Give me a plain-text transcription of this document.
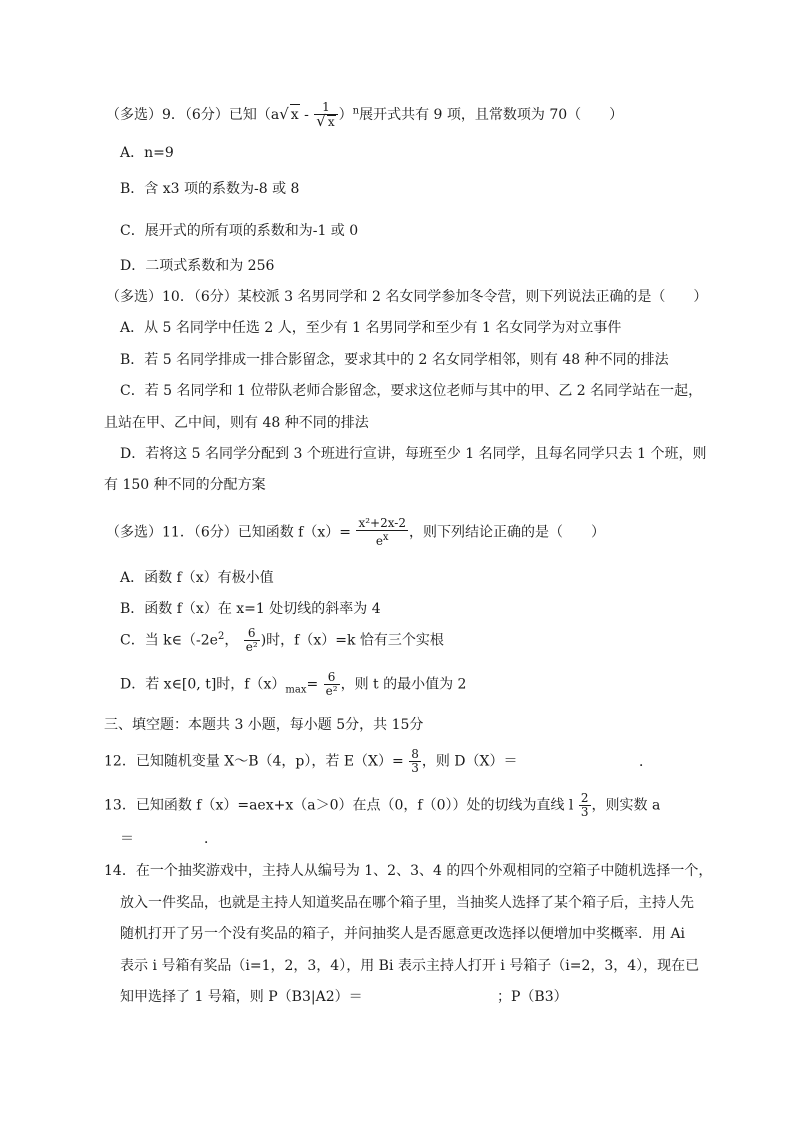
（多选）9．（6分）已知（a√ x - $\frac{1}{√ x} )^n$展开式共有 9 项，且常数项为 70（　　）
A．n=9
B．含 x3 项的系数为-8 或 8
C．展开式的所有项的系数和为-1 或 0
D．二项式系数和为 256
（多选）10．（6分）某校派 3 名男同学和 2 名女同学参加冬令营，则下列说法正确的是（　　）
A．从 5 名同学中任选 2 人，至少有 1 名男同学和至少有 1 名女同学为对立事件
B．若 5 名同学排成一排合影留念，要求其中的 2 名女同学相邻，则有 48 种不同的排法
C．若 5 名同学和 1 位带队老师合影留念，要求这位老师与其中的甲、乙 2 名同学站在一起，
且站在甲、乙中间，则有 48 种不同的排法
D．若将这 5 名同学分配到 3 个班进行宣讲，每班至少 1 名同学，且每名同学只去 1 个班，则
有 150 种不同的分配方案
（多选）11．（6分）已知函数 $f(x)= \frac{\text{x²+2x-2}}{e^x}$ ，则下列结论正确的是（　　）
A．函数 f（x）有极小值
B．函数 f（x）在 x=1 处切线的斜率为 4
C．当 $k\in(-2e^2$， $\frac{6}{\text{e²}}$ )时，f（x）=k 恰有三个实根
D．若 x∈[0, t]时，$f(x)_{max}= \frac{6}{\text{e²}}$ ，则 t 的最小值为 2
三、填空题：本题共 3 小题，每小题 5分，共 15分
12．已知随机变量 X～B（4，p），若 $E(X)= \frac{8}{3}$ ，则 D（X）＝	．
13．已知函数 f（x）=aex+x（a＞0）在点（0，f（0））处的切线为直线 l $\frac{2}{3}$ ，则实数 a
＝　　　　　．
14．在一个抽奖游戏中，主持人从编号为 1、2、3、4 的四个外观相同的空箱子中随机选择一个，
放入一件奖品，也就是主持人知道奖品在哪个箱子里，当抽奖人选择了某个箱子后，主持人先
随机打开了另一个没有奖品的箱子，并问抽奖人是否愿意更改选择以便增加中奖概率．用 Ai
表示 i 号箱有奖品（i=1，2，3，4），用 Bi 表示主持人打开 i 号箱子（i=2，3，4），现在已
知甲选择了 1 号箱，则 P（B3|A2）＝	；P（B3）
